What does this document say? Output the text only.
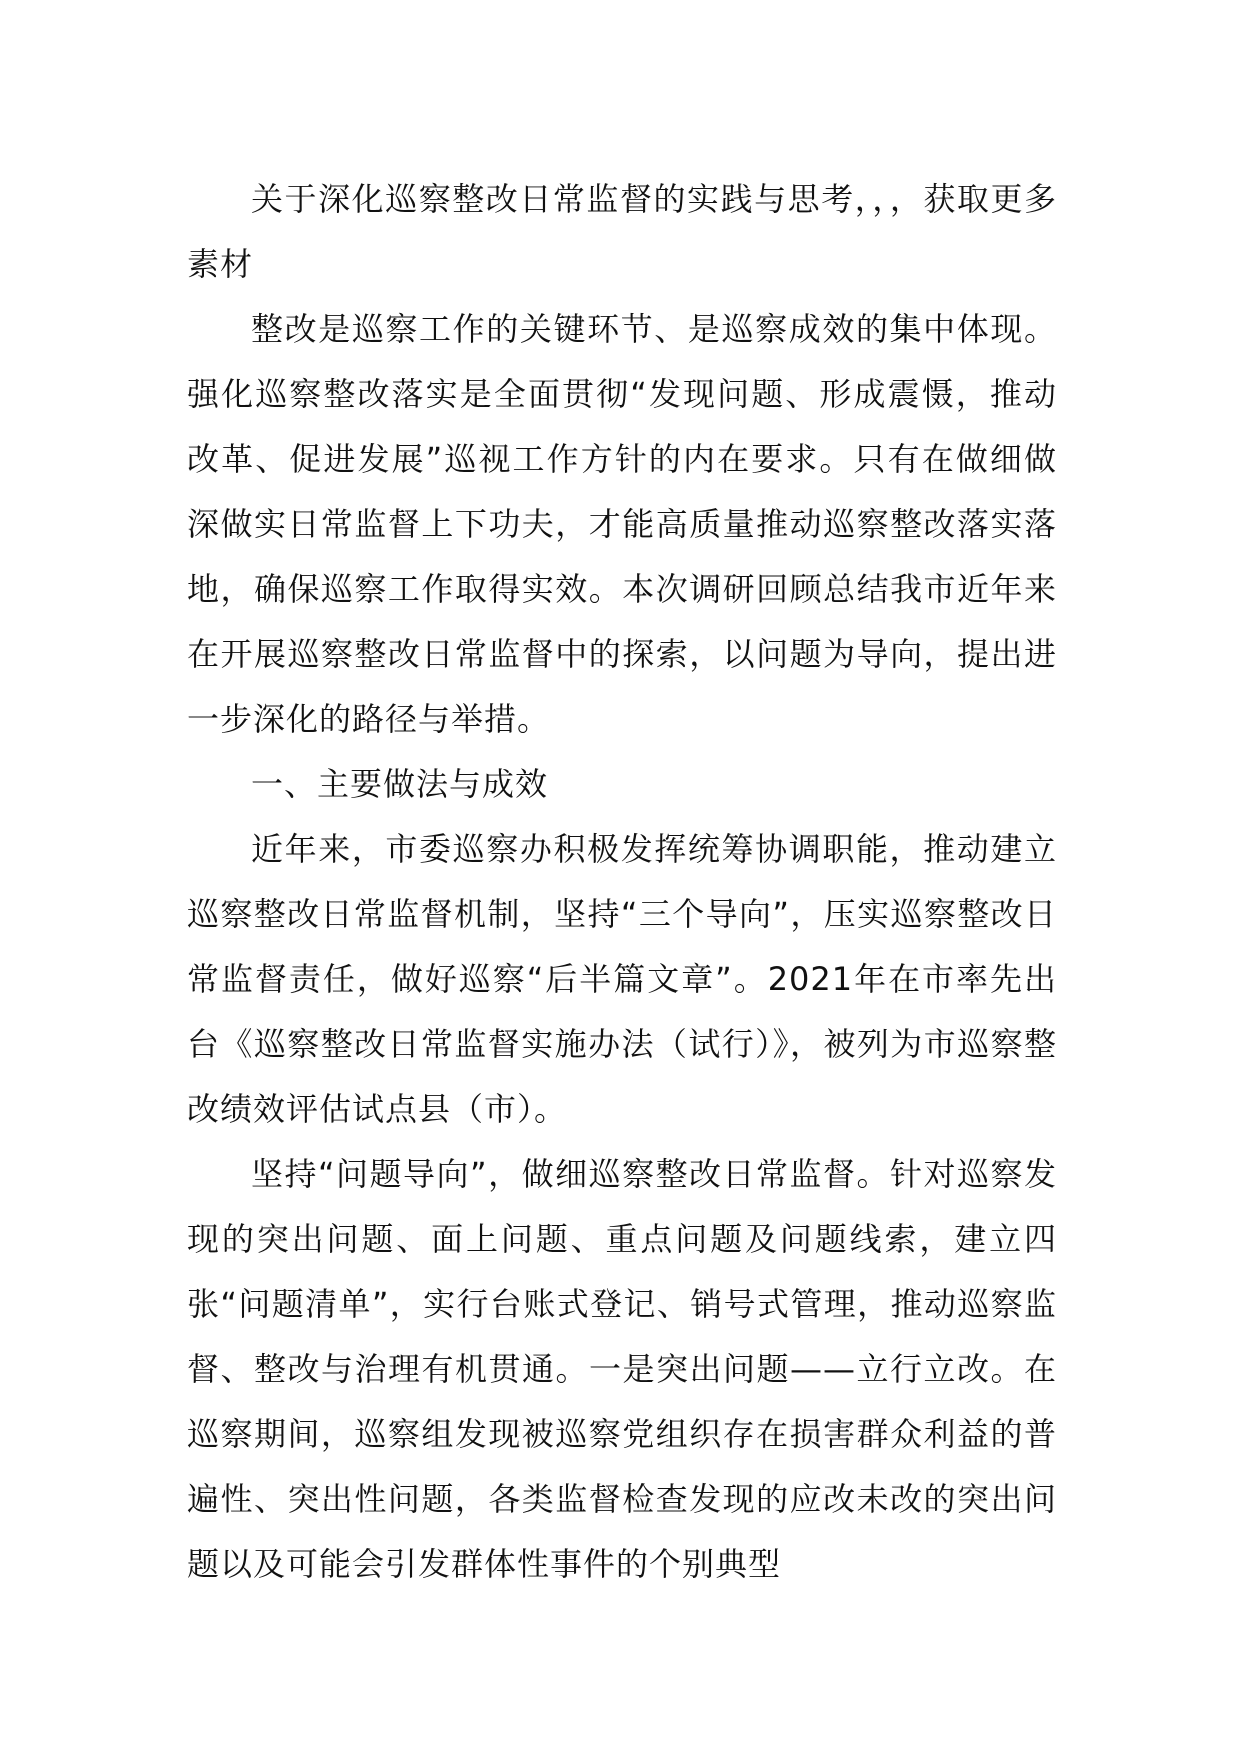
关于深化巡察整改日常监督的实践与思考，，，获取更多素材

整改是巡察工作的关键环节、是巡察成效的集中体现。强化巡察整改落实是全面贯彻“发现问题、形成震慑，推动改革、促进发展”巡视工作方针的内在要求。只有在做细做深做实日常监督上下功夫，才能高质量推动巡察整改落实落地，确保巡察工作取得实效。本次调研回顾总结我市近年来在开展巡察整改日常监督中的探索，以问题为导向，提出进一步深化的路径与举措。

一、主要做法与成效

近年来，市委巡察办积极发挥统筹协调职能，推动建立巡察整改日常监督机制，坚持“三个导向”，压实巡察整改日常监督责任，做好巡察“后半篇文章”。2021年在市率先出台《巡察整改日常监督实施办法（试行）》，被列为市巡察整改绩效评估试点县（市）。

坚持“问题导向”，做细巡察整改日常监督。针对巡察发现的突出问题、面上问题、重点问题及问题线索，建立四张“问题清单”，实行台账式登记、销号式管理，推动巡察监督、整改与治理有机贯通。一是突出问题——立行立改。在巡察期间，巡察组发现被巡察党组织存在损害群众利益的普遍性、突出性问题，各类监督检查发现的应改未改的突出问题以及可能会引发群体性事件的个别典型
